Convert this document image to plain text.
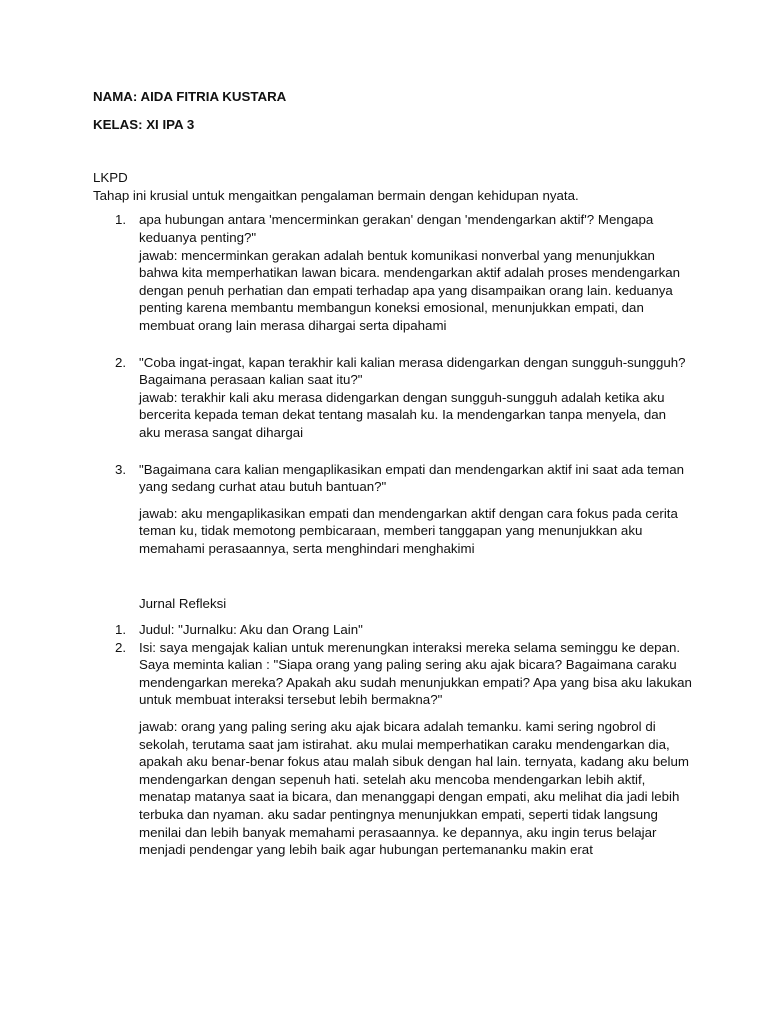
NAMA: AIDA FITRIA KUSTARA
KELAS: XI IPA 3
LKPD
Tahap ini krusial untuk mengaitkan pengalaman bermain dengan kehidupan nyata.
1. apa hubungan antara 'mencerminkan gerakan' dengan 'mendengarkan aktif'? Mengapa
keduanya penting?"
jawab: mencerminkan gerakan adalah bentuk komunikasi nonverbal yang menunjukkan
bahwa kita memperhatikan lawan bicara. mendengarkan aktif adalah proses mendengarkan
dengan penuh perhatian dan empati terhadap apa yang disampaikan orang lain. keduanya
penting karena membantu membangun koneksi emosional, menunjukkan empati, dan
membuat orang lain merasa dihargai serta dipahami
2. "Coba ingat-ingat, kapan terakhir kali kalian merasa didengarkan dengan sungguh-sungguh?
Bagaimana perasaan kalian saat itu?"
jawab: terakhir kali aku merasa didengarkan dengan sungguh-sungguh adalah ketika aku
bercerita kepada teman dekat tentang masalah ku. Ia mendengarkan tanpa menyela, dan
aku merasa sangat dihargai
3. "Bagaimana cara kalian mengaplikasikan empati dan mendengarkan aktif ini saat ada teman
yang sedang curhat atau butuh bantuan?"
jawab: aku mengaplikasikan empati dan mendengarkan aktif dengan cara fokus pada cerita
teman ku, tidak memotong pembicaraan, memberi tanggapan yang menunjukkan aku
memahami perasaannya, serta menghindari menghakimi
Jurnal Refleksi
1. Judul: "Jurnalku: Aku dan Orang Lain"
2. Isi: saya mengajak kalian untuk merenungkan interaksi mereka selama seminggu ke depan.
Saya meminta kalian : "Siapa orang yang paling sering aku ajak bicara? Bagaimana caraku
mendengarkan mereka? Apakah aku sudah menunjukkan empati? Apa yang bisa aku lakukan
untuk membuat interaksi tersebut lebih bermakna?"
jawab: orang yang paling sering aku ajak bicara adalah temanku. kami sering ngobrol di
sekolah, terutama saat jam istirahat. aku mulai memperhatikan caraku mendengarkan dia,
apakah aku benar-benar fokus atau malah sibuk dengan hal lain. ternyata, kadang aku belum
mendengarkan dengan sepenuh hati. setelah aku mencoba mendengarkan lebih aktif,
menatap matanya saat ia bicara, dan menanggapi dengan empati, aku melihat dia jadi lebih
terbuka dan nyaman. aku sadar pentingnya menunjukkan empati, seperti tidak langsung
menilai dan lebih banyak memahami perasaannya. ke depannya, aku ingin terus belajar
menjadi pendengar yang lebih baik agar hubungan pertemananku makin erat
